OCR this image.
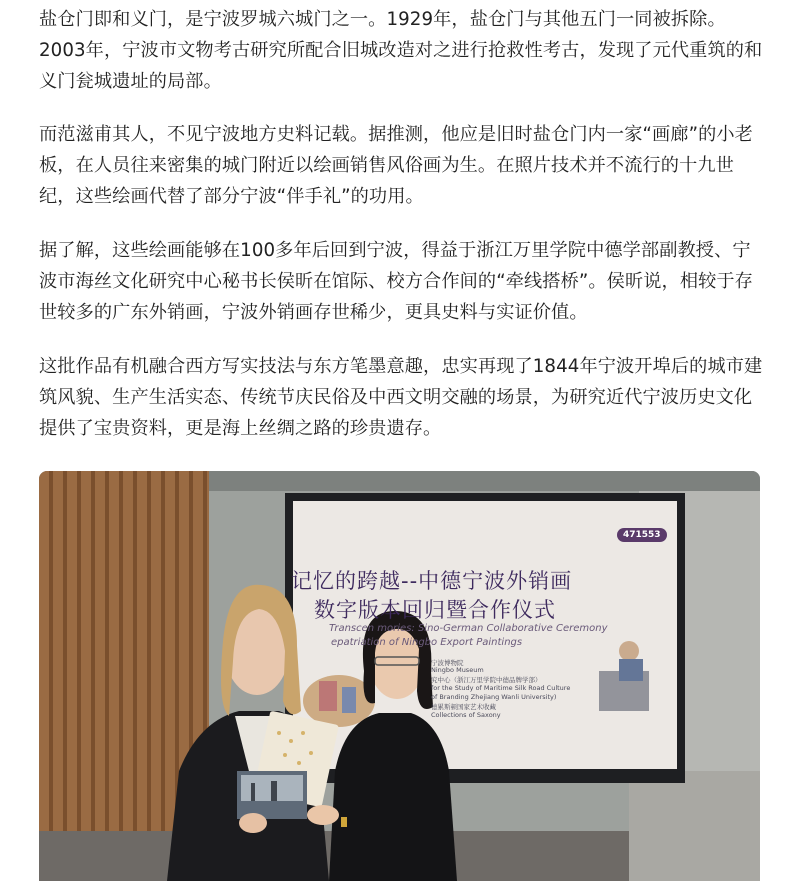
盐仓门即和义门，是宁波罗城六城门之一。1929年，盐仓门与其他五门一同被拆除。2003年，宁波市文物考古研究所配合旧城改造对之进行抢救性考古，发现了元代重筑的和义门瓮城遗址的局部。

而范滋甫其人，不见宁波地方史料记载。据推测，他应是旧时盐仓门内一家“画廊”的小老板，在人员往来密集的城门附近以绘画销售风俗画为生。在照片技术并不流行的十九世纪，这些绘画代替了部分宁波“伴手礼”的功用。

据了解，这些绘画能够在100多年后回到宁波，得益于浙江万里学院中德学部副教授、宁波市海丝文化研究中心秘书长侯昕在馆际、校方合作间的“牵线搭桥”。侯昕说，相较于存世较多的广东外销画，宁波外销画存世稀少，更具史料与实证价值。

这批作品有机融合西方写实技法与东方笔墨意趣，忠实再现了1844年宁波开埠后的城市建筑风貌、生产生活实态、传统节庆民俗及中西文明交融的场景，为研究近代宁波历史文化提供了宝贵资料，更是海上丝绸之路的珍贵遗存。

471553
记忆的跨越--中德宁波外销画
数字版本回归暨合作仪式
Transcen mories: Sino-German Collaborative Ceremony
epatriation of Ningbo Export Paintings
宁波博物院
Ningbo Museum
究中心（浙江万里学院中德品牌学部）
for the Study of Maritime Silk Road Culture
of Branding Zhejiang Wanli University)
德累斯顿国家艺术收藏
Collections of Saxony
